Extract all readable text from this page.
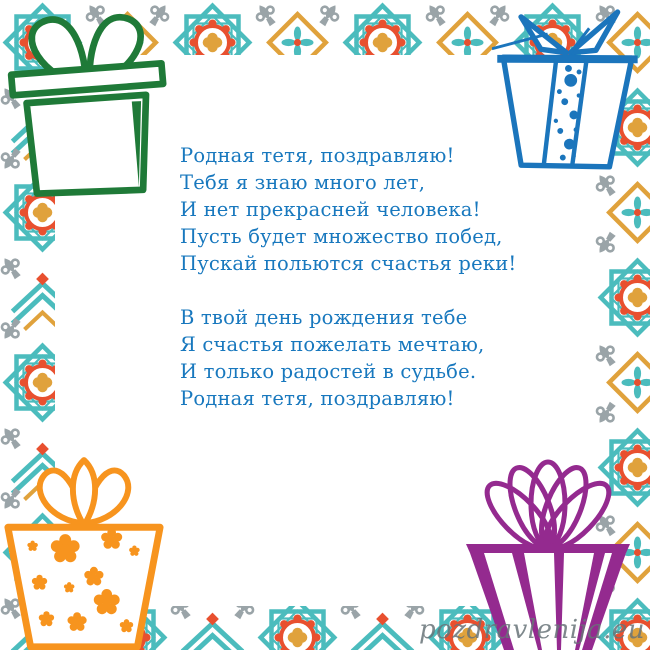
Родная тетя, поздравляю!
Тебя я знаю много лет,
И нет прекрасней человека!
Пусть будет множество побед,
Пускай польются счастья реки!
В твой день рождения тебе
Я счастья пожелать мечтаю,
И только радостей в судьбе.
Родная тетя, поздравляю!
pozdravlenija.eu
